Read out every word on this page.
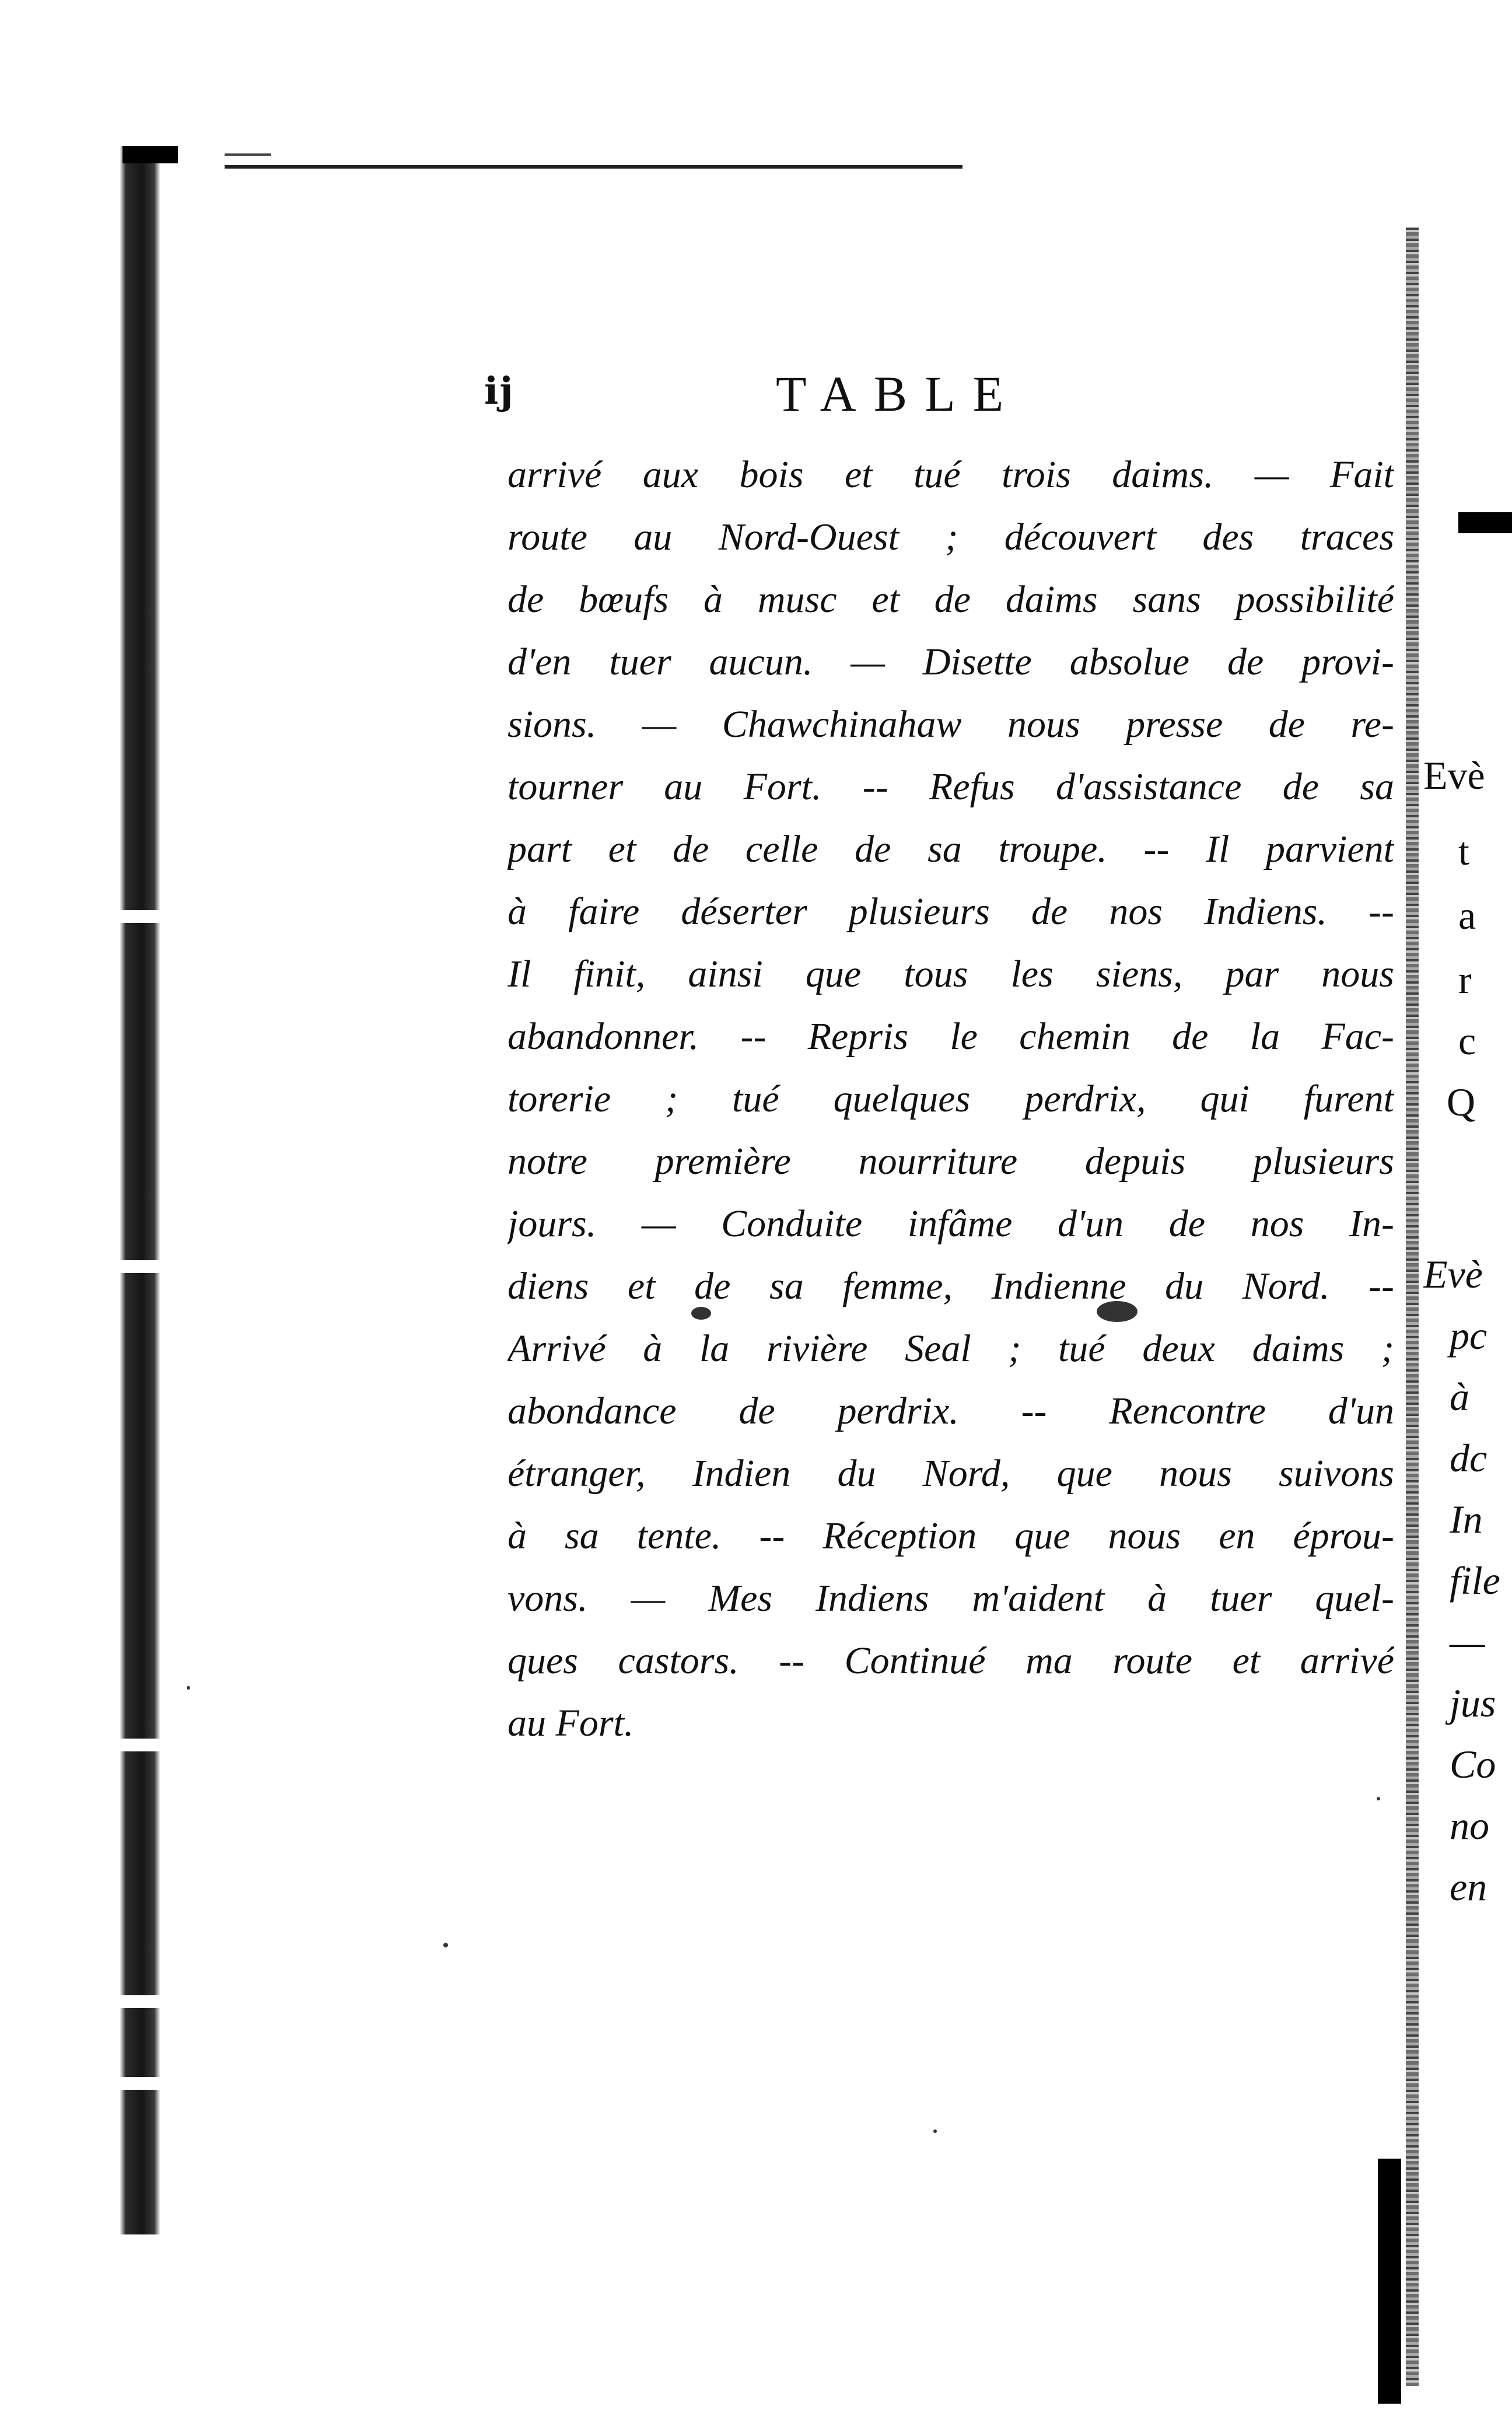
ij	TABLE
arrivé aux bois et tué trois daims. — Fait
route au Nord-Ouest ; découvert des traces
de bœufs à musc et de daims sans possibilité
d'en tuer aucun. — Disette absolue de provi-
sions. — Chawchinahaw nous presse de re-
tourner au Fort. -- Refus d'assistance de sa
part et de celle de sa troupe. -- Il parvient
à faire déserter plusieurs de nos Indiens. --
Il finit, ainsi que tous les siens, par nous
abandonner. -- Repris le chemin de la Fac-
torerie ; tué quelques perdrix, qui furent
notre première nourriture depuis plusieurs
jours. — Conduite infâme d'un de nos In-
diens et de sa femme, Indienne du Nord. --
Arrivé à la rivière Seal ; tué deux daims ;
abondance de perdrix. -- Rencontre d'un
étranger, Indien du Nord, que nous suivons
à sa tente. -- Réception que nous en éprou-
vons. — Mes Indiens m'aident à tuer quel-
ques castors. -- Continué ma route et arrivé
au Fort.
Evè
t
a
r
c
Q
Evè
pc
à
dc
In
file
—
jus
Co
no
en
